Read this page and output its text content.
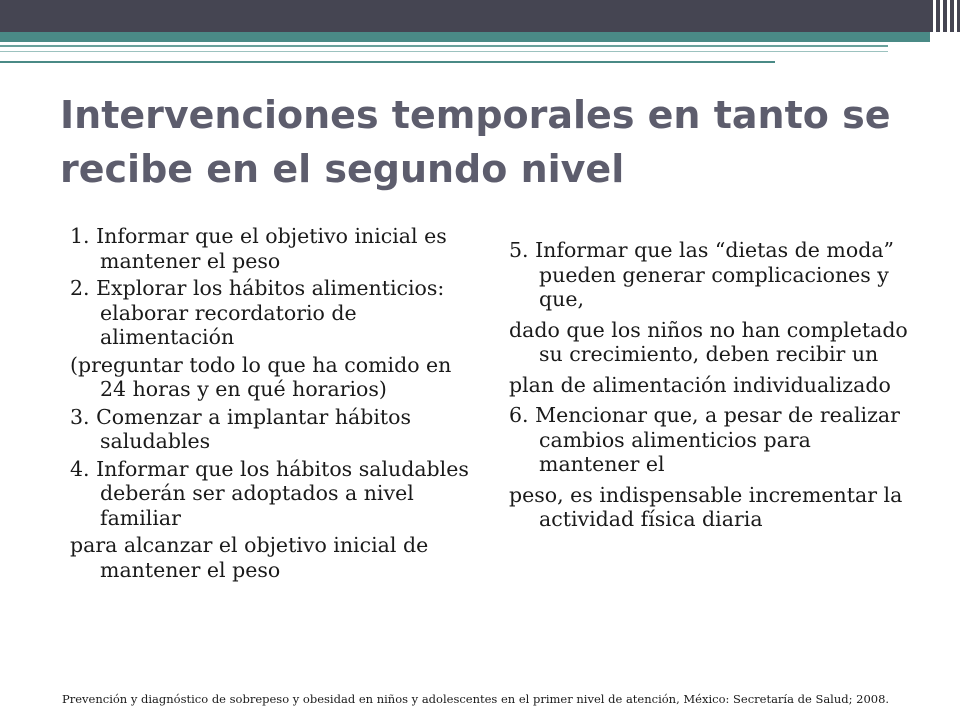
Intervenciones temporales en tanto se recibe en el segundo nivel
1. Informar que el objetivo inicial es mantener el peso
2. Explorar los hábitos alimenticios: elaborar recordatorio de alimentación
(preguntar todo lo que ha comido en 24 horas y en qué horarios)
3. Comenzar a implantar hábitos saludables
4. Informar que los hábitos saludables deberán ser adoptados a nivel familiar
para alcanzar el objetivo inicial de mantener el peso
5. Informar que las “dietas de moda” pueden generar complicaciones y que,
dado que los niños no han completado su crecimiento, deben recibir un
plan de alimentación individualizado
6. Mencionar que, a pesar de realizar cambios alimenticios para mantener el
peso, es indispensable incrementar la actividad física diaria

Prevención y diagnóstico de sobrepeso y obesidad en niños y adolescentes en el primer nivel de atención, México: Secretaría de Salud; 2008.
